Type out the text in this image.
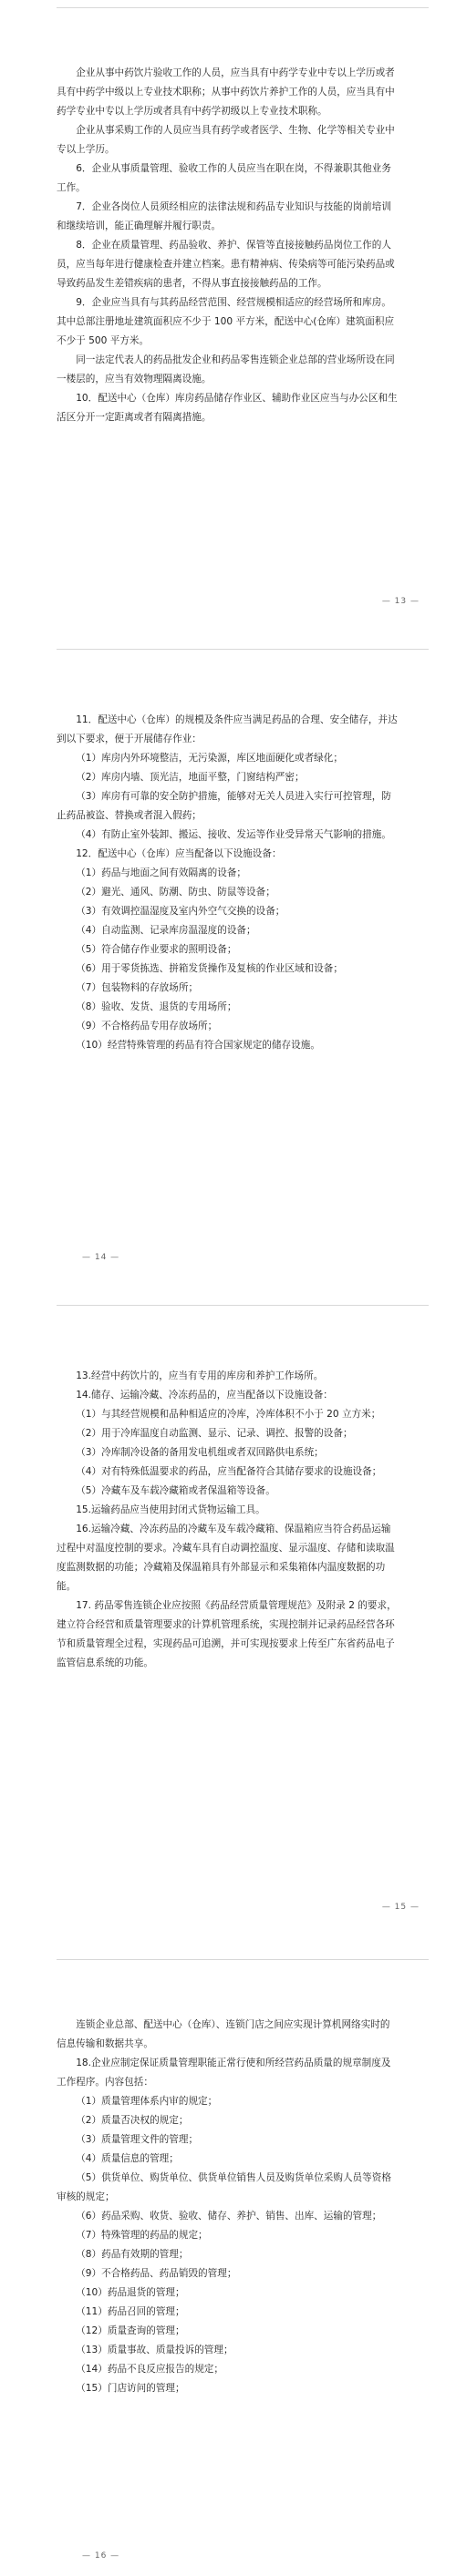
企业从事中药饮片验收工作的人员，应当具有中药学专业中专以上学历或者具有中药学中级以上专业技术职称；从事中药饮片养护工作的人员，应当具有中药学专业中专以上学历或者具有中药学初级以上专业技术职称。

企业从事采购工作的人员应当具有药学或者医学、生物、化学等相关专业中专以上学历。

6．企业从事质量管理、验收工作的人员应当在职在岗，不得兼职其他业务工作。

7．企业各岗位人员须经相应的法律法规和药品专业知识与技能的岗前培训和继续培训，能正确理解并履行职责。

8．企业在质量管理、药品验收、养护、保管等直接接触药品岗位工作的人员，应当每年进行健康检查并建立档案。患有精神病、传染病等可能污染药品或导致药品发生差错疾病的患者，不得从事直接接触药品的工作。

9．企业应当具有与其药品经营范围、经营规模相适应的经营场所和库房。其中总部注册地址建筑面积应不少于 100 平方米，配送中心(仓库）建筑面积应不少于 500 平方米。

同一法定代表人的药品批发企业和药品零售连锁企业总部的营业场所设在同一楼层的，应当有效物理隔离设施。

10．配送中心（仓库）库房药品储存作业区、辅助作业区应当与办公区和生活区分开一定距离或者有隔离措施。

— 13 —

11．配送中心（仓库）的规模及条件应当满足药品的合理、安全储存，并达到以下要求，便于开展储存作业：

（1）库房内外环境整洁，无污染源，库区地面硬化或者绿化；

（2）库房内墙、顶光洁，地面平整，门窗结构严密；

（3）库房有可靠的安全防护措施，能够对无关人员进入实行可控管理，防止药品被盗、替换或者混入假药；

（4）有防止室外装卸、搬运、接收、发运等作业受异常天气影响的措施。

12．配送中心（仓库）应当配备以下设施设备：

（1）药品与地面之间有效隔离的设备；

（2）避光、通风、防潮、防虫、防鼠等设备；

（3）有效调控温湿度及室内外空气交换的设备；

（4）自动监测、记录库房温湿度的设备；

（5）符合储存作业要求的照明设备；

（6）用于零货拣选、拼箱发货操作及复核的作业区域和设备；

（7）包装物料的存放场所；

（8）验收、发货、退货的专用场所；

（9）不合格药品专用存放场所；

（10）经营特殊管理的药品有符合国家规定的储存设施。

— 14 —

13.经营中药饮片的，应当有专用的库房和养护工作场所。

14.储存、运输冷藏、冷冻药品的，应当配备以下设施设备：

（1）与其经营规模和品种相适应的冷库，冷库体积不小于 20 立方米；

（2）用于冷库温度自动监测、显示、记录、调控、报警的设备；

（3）冷库制冷设备的备用发电机组或者双回路供电系统；

（4）对有特殊低温要求的药品，应当配备符合其储存要求的设施设备；

（5）冷藏车及车载冷藏箱或者保温箱等设备。

15.运输药品应当使用封闭式货物运输工具。

16.运输冷藏、冷冻药品的冷藏车及车载冷藏箱、保温箱应当符合药品运输过程中对温度控制的要求。冷藏车具有自动调控温度、显示温度、存储和读取温度监测数据的功能；冷藏箱及保温箱具有外部显示和采集箱体内温度数据的功能。

17. 药品零售连锁企业应按照《药品经营质量管理规范》及附录 2 的要求，建立符合经营和质量管理要求的计算机管理系统，实现控制并记录药品经营各环节和质量管理全过程，实现药品可追溯，并可实现按要求上传至广东省药品电子监管信息系统的功能。

— 15 —

连锁企业总部、配送中心（仓库）、连锁门店之间应实现计算机网络实时的信息传输和数据共享。

18.企业应制定保证质量管理职能正常行使和所经营药品质量的规章制度及工作程序。内容包括：

（1）质量管理体系内审的规定；

（2）质量否决权的规定；

（3）质量管理文件的管理；

（4）质量信息的管理；

（5）供货单位、购货单位、供货单位销售人员及购货单位采购人员等资格审核的规定；

（6）药品采购、收货、验收、储存、养护、销售、出库、运输的管理；

（7）特殊管理的药品的规定；

（8）药品有效期的管理；

（9）不合格药品、药品销毁的管理；

（10）药品退货的管理；

（11）药品召回的管理；

（12）质量查询的管理；

（13）质量事故、质量投诉的管理；

（14）药品不良反应报告的规定；

（15）门店访问的管理；

— 16 —
